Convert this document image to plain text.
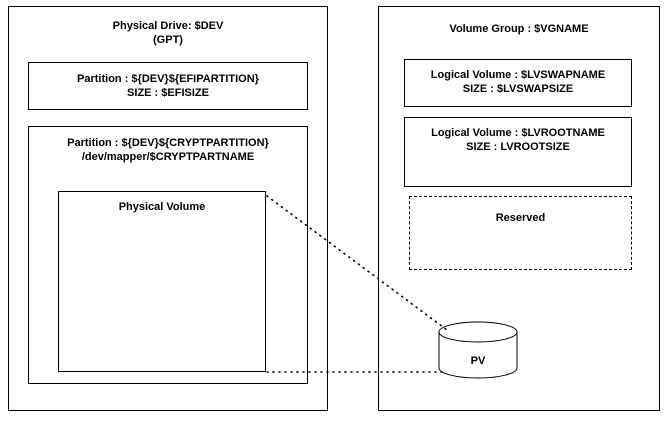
Physical Drive: $DEV
(GPT)
Partition : ${DEV}${EFIPARTITION}
SIZE : $EFISIZE
Partition : ${DEV}${CRYPTPARTITION}
/dev/mapper/$CRYPTPARTNAME
Physical Volume
Volume Group : $VGNAME
Logical Volume : $LVSWAPNAME
SIZE : $LVSWAPSIZE
Logical Volume : $LVROOTNAME
SIZE : LVROOTSIZE
Reserved
PV
